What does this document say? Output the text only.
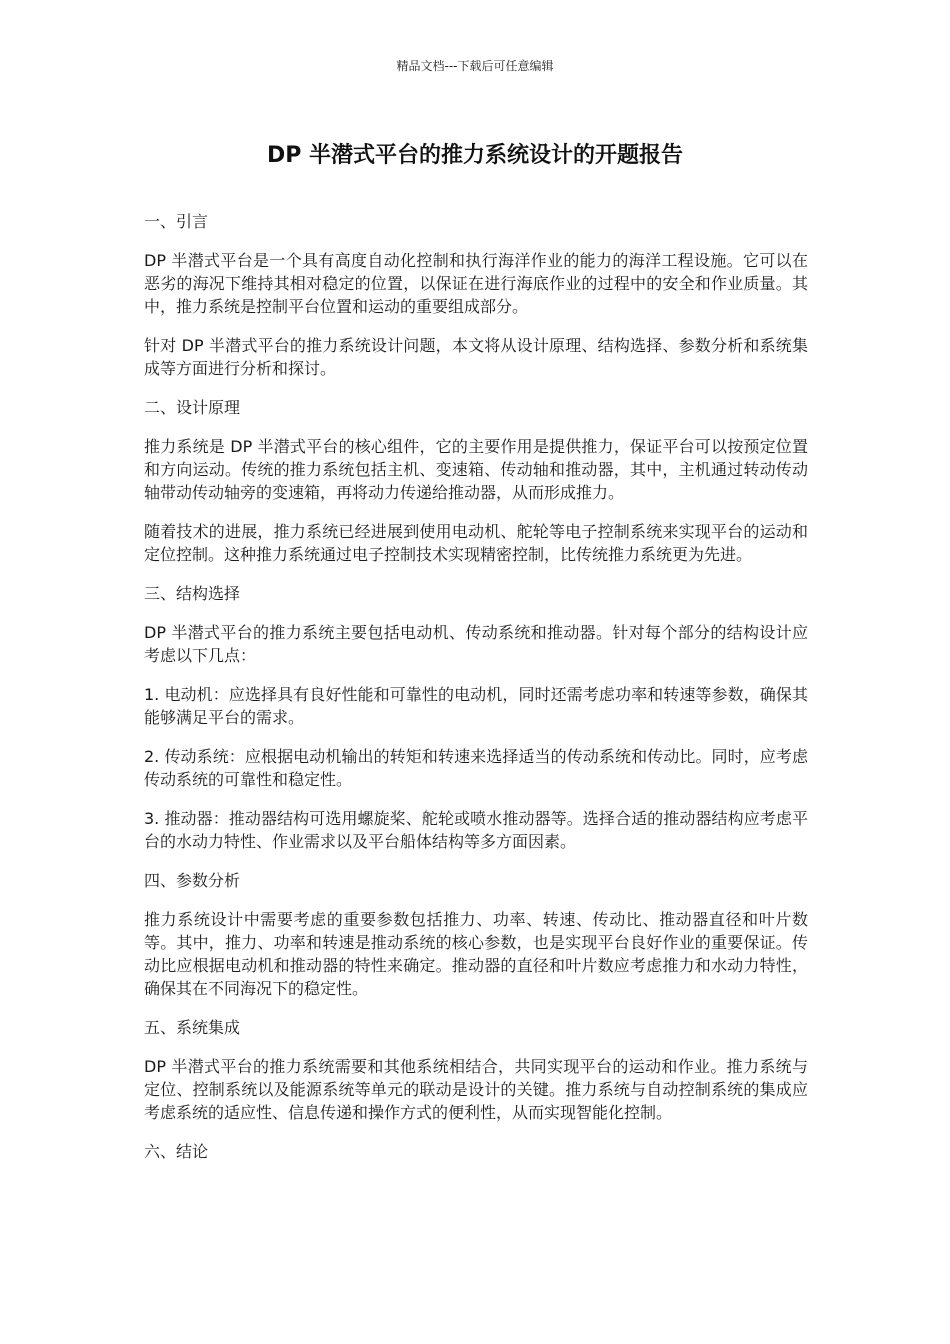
精品文档---下载后可任意编辑
DP 半潜式平台的推力系统设计的开题报告

一、引言

DP 半潜式平台是一个具有高度自动化控制和执行海洋作业的能力的海洋工程设施。它可以在恶劣的海况下维持其相对稳定的位置，以保证在进行海底作业的过程中的安全和作业质量。其中，推力系统是控制平台位置和运动的重要组成部分。

针对 DP 半潜式平台的推力系统设计问题，本文将从设计原理、结构选择、参数分析和系统集成等方面进行分析和探讨。

二、设计原理

推力系统是 DP 半潜式平台的核心组件，它的主要作用是提供推力，保证平台可以按预定位置和方向运动。传统的推力系统包括主机、变速箱、传动轴和推动器，其中，主机通过转动传动轴带动传动轴旁的变速箱，再将动力传递给推动器，从而形成推力。

随着技术的进展，推力系统已经进展到使用电动机、舵轮等电子控制系统来实现平台的运动和定位控制。这种推力系统通过电子控制技术实现精密控制，比传统推力系统更为先进。

三、结构选择

DP 半潜式平台的推力系统主要包括电动机、传动系统和推动器。针对每个部分的结构设计应考虑以下几点：

1. 电动机：应选择具有良好性能和可靠性的电动机，同时还需考虑功率和转速等参数，确保其能够满足平台的需求。

2. 传动系统：应根据电动机输出的转矩和转速来选择适当的传动系统和传动比。同时，应考虑传动系统的可靠性和稳定性。

3. 推动器：推动器结构可选用螺旋桨、舵轮或喷水推动器等。选择合适的推动器结构应考虑平台的水动力特性、作业需求以及平台船体结构等多方面因素。

四、参数分析

推力系统设计中需要考虑的重要参数包括推力、功率、转速、传动比、推动器直径和叶片数等。其中，推力、功率和转速是推动系统的核心参数，也是实现平台良好作业的重要保证。传动比应根据电动机和推动器的特性来确定。推动器的直径和叶片数应考虑推力和水动力特性，确保其在不同海况下的稳定性。

五、系统集成

DP 半潜式平台的推力系统需要和其他系统相结合，共同实现平台的运动和作业。推力系统与定位、控制系统以及能源系统等单元的联动是设计的关键。推力系统与自动控制系统的集成应考虑系统的适应性、信息传递和操作方式的便利性，从而实现智能化控制。

六、结论
